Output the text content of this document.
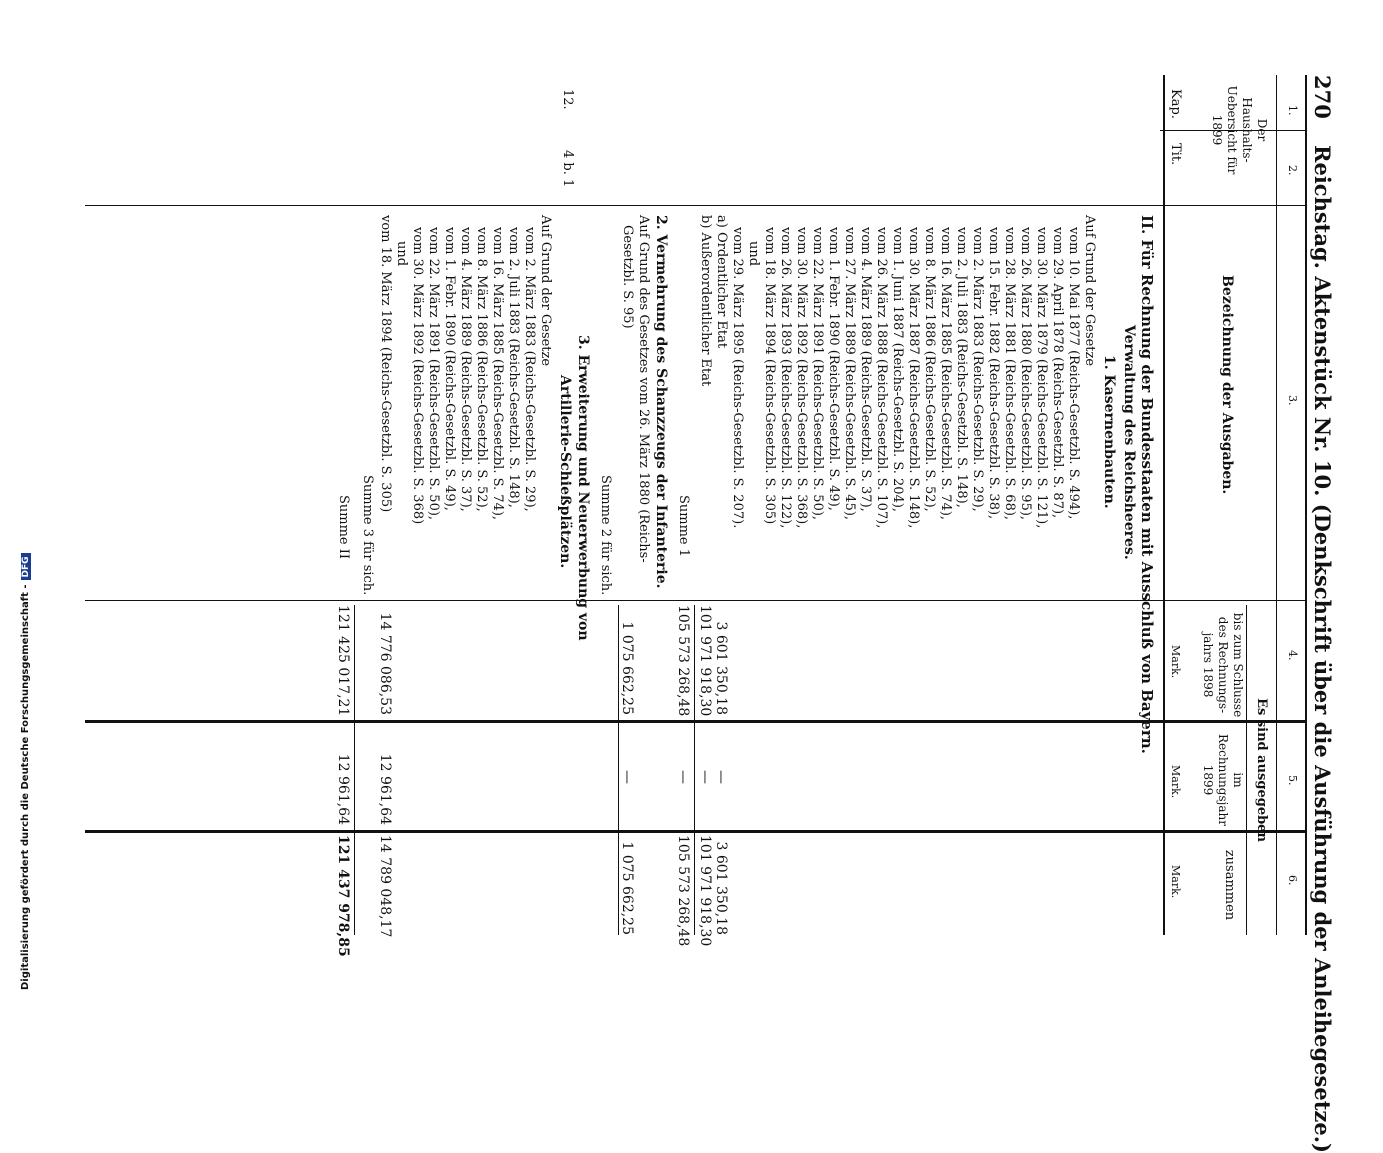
270
Reichstag. Aktenstück Nr. 10. (Denkschrift über die Ausführung der Anleihegesetze.)
1.
2.
3.
4.
5.
6.
Der Haushalts-Uebersicht für 1899
Kap.
Tit.
Bezeichnung der Ausgaben.
Es sind ausgegeben
bis zum Schlusse des Rechnungs-jahrs 1898
im Rechnungsjahr 1899
zusammen
Mark.
Mark.
Mark.
II. Für Rechnung der Bundesstaaten mit Ausschluß von Bayern.
Verwaltung des Reichsheeres.
1. Kasernenbauten.
Auf Grund der Gesetze
vom 10. Mai 1877 (Reichs-Gesetzbl. S. 494),
vom 29. April 1878 (Reichs-Gesetzbl. S. 87),
vom 30. März 1879 (Reichs-Gesetzbl. S. 121),
vom 26. März 1880 (Reichs-Gesetzbl. S. 95),
vom 28. März 1881 (Reichs-Gesetzbl. S. 68),
vom 15. Febr. 1882 (Reichs-Gesetzbl. S. 38),
vom 2. März 1883 (Reichs-Gesetzbl. S. 29),
vom 2. Juli 1883 (Reichs-Gesetzbl. S. 148),
vom 16. März 1885 (Reichs-Gesetzbl. S. 74),
vom 8. März 1886 (Reichs-Gesetzbl. S. 52),
vom 30. März 1887 (Reichs-Gesetzbl. S. 148),
vom 1. Juni 1887 (Reichs-Gesetzbl. S. 204),
vom 26. März 1888 (Reichs-Gesetzbl. S. 107),
vom 4. März 1889 (Reichs-Gesetzbl. S. 37),
vom 27. März 1889 (Reichs-Gesetzbl. S. 45),
vom 1. Febr. 1890 (Reichs-Gesetzbl. S. 49),
vom 22. März 1891 (Reichs-Gesetzbl. S. 50),
vom 30. März 1892 (Reichs-Gesetzbl. S. 368),
vom 26. März 1893 (Reichs-Gesetzbl. S. 122),
vom 18. März 1894 (Reichs-Gesetzbl. S. 305)
und
vom 29. März 1895 (Reichs-Gesetzbl. S. 207).
a) Ordentlicher Etat
3 601 350,18
—
3 601 350,18
b) Außerordentlicher Etat
101 971 918,30
—
101 971 918,30
Summe 1
105 573 268,48
—
105 573 268,48
2. Vermehrung des Schanzzeugs der Infanterie.
Auf Grund des Gesetzes vom 26. März 1880 (Reichs-
Gesetzbl. S. 95)
Summe 2 für sich.
1 075 662,25
—
1 075 662,25
12.
4 b. 1
3. Erweiterung und Neuerwerbung von
Artillerie-Schießplätzen.
Auf Grund der Gesetze
vom 2. März 1883 (Reichs-Gesetzbl. S. 29),
vom 2. Juli 1883 (Reichs-Gesetzbl. S. 148),
vom 16. März 1885 (Reichs-Gesetzbl. S. 74),
vom 8. März 1886 (Reichs-Gesetzbl. S. 52),
vom 4. März 1889 (Reichs-Gesetzbl. S. 37),
vom 1. Febr. 1890 (Reichs-Gesetzbl. S. 49),
vom 22. März 1891 (Reichs-Gesetzbl. S. 50),
vom 30. März 1892 (Reichs-Gesetzbl. S. 368)
und
vom 18. März 1894 (Reichs-Gesetzbl. S. 305)
14 776 086,53
12 961,64
14 789 048,17
Summe 3 für sich.
Summe II
121 425 017,21
12 961,64
121 437 978,85
Digitalisierung gefördert durch die Deutsche Forschungsgemeinschaft -DFG
